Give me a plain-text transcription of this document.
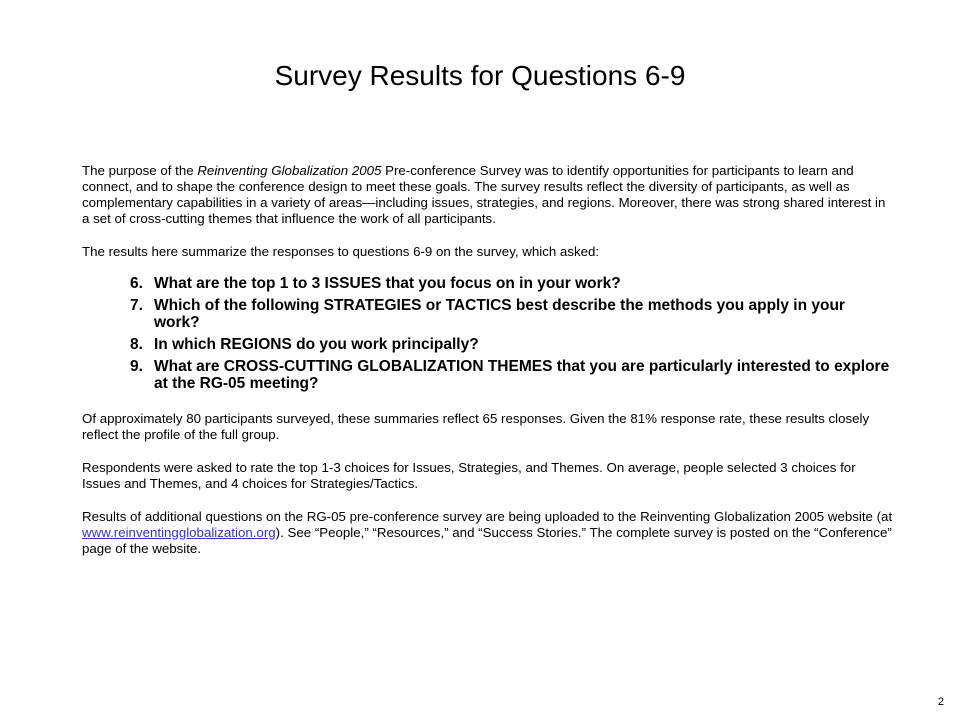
Survey Results for Questions 6-9

The purpose of the Reinventing Globalization 2005 Pre-conference Survey was to identify opportunities for participants to learn and connect, and to shape the conference design to meet these goals. The survey results reflect the diversity of participants, as well as complementary capabilities in a variety of areas—including issues, strategies, and regions. Moreover, there was strong shared interest in a set of cross-cutting themes that influence the work of all participants.

The results here summarize the responses to questions 6-9 on the survey, which asked:

6. What are the top 1 to 3 ISSUES that you focus on in your work?
7. Which of the following STRATEGIES or TACTICS best describe the methods you apply in your work?
8. In which REGIONS do you work principally?
9. What are CROSS-CUTTING GLOBALIZATION THEMES that you are particularly interested to explore at the RG-05 meeting?

Of approximately 80 participants surveyed, these summaries reflect 65 responses. Given the 81% response rate, these results closely reflect the profile of the full group.

Respondents were asked to rate the top 1-3 choices for Issues, Strategies, and Themes. On average, people selected 3 choices for Issues and Themes, and 4 choices for Strategies/Tactics.

Results of additional questions on the RG-05 pre-conference survey are being uploaded to the Reinventing Globalization 2005 website (at www.reinventingglobalization.org). See “People,” “Resources,” and “Success Stories.” The complete survey is posted on the “Conference” page of the website.

2
